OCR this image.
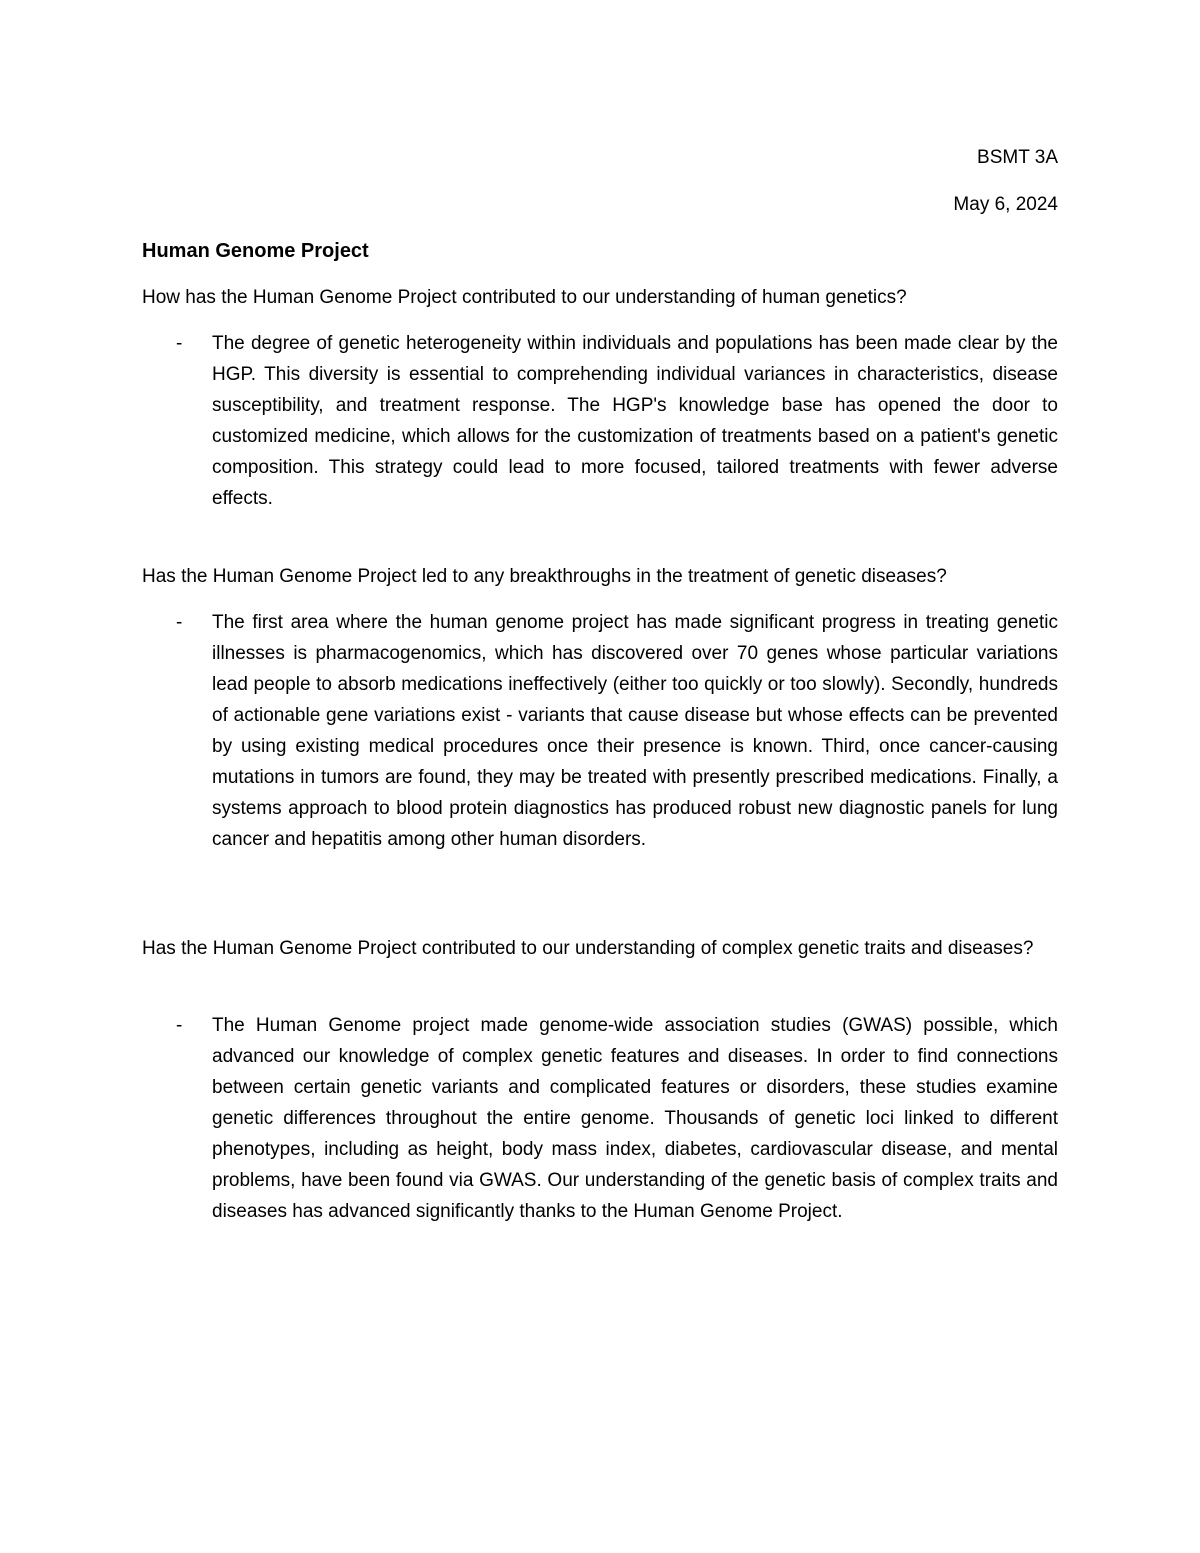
BSMT 3A
May 6, 2024
Human Genome Project

How has the Human Genome Project contributed to our understanding of human genetics?

-	The degree of genetic heterogeneity within individuals and populations has been made clear by the HGP. This diversity is essential to comprehending individual variances in characteristics, disease susceptibility, and treatment response. The HGP's knowledge base has opened the door to customized medicine, which allows for the customization of treatments based on a patient's genetic composition. This strategy could lead to more focused, tailored treatments with fewer adverse effects.

Has the Human Genome Project led to any breakthroughs in the treatment of genetic diseases?

-	The first area where the human genome project has made significant progress in treating genetic illnesses is pharmacogenomics, which has discovered over 70 genes whose particular variations lead people to absorb medications ineffectively (either too quickly or too slowly). Secondly, hundreds of actionable gene variations exist - variants that cause disease but whose effects can be prevented by using existing medical procedures once their presence is known. Third, once cancer-causing mutations in tumors are found, they may be treated with presently prescribed medications. Finally, a systems approach to blood protein diagnostics has produced robust new diagnostic panels for lung cancer and hepatitis among other human disorders.

Has the Human Genome Project contributed to our understanding of complex genetic traits and diseases?

-	The Human Genome project made genome-wide association studies (GWAS) possible, which advanced our knowledge of complex genetic features and diseases. In order to find connections between certain genetic variants and complicated features or disorders, these studies examine genetic differences throughout the entire genome. Thousands of genetic loci linked to different phenotypes, including as height, body mass index, diabetes, cardiovascular disease, and mental problems, have been found via GWAS. Our understanding of the genetic basis of complex traits and diseases has advanced significantly thanks to the Human Genome Project.
